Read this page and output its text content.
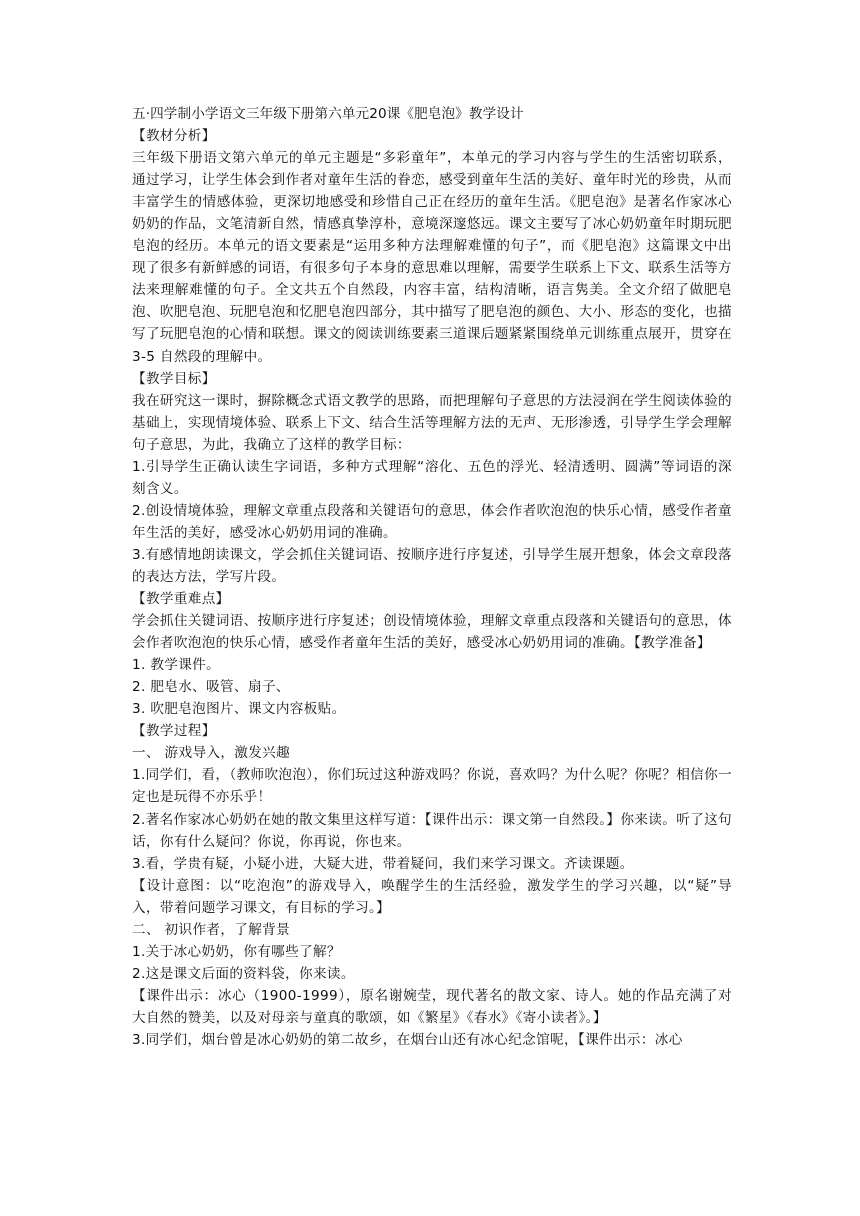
五·四学制小学语文三年级下册第六单元20课《肥皂泡》教学设计

【教材分析】

三年级下册语文第六单元的单元主题是“多彩童年”，本单元的学习内容与学生的生活密切联系，通过学习，让学生体会到作者对童年生活的眷恋，感受到童年生活的美好、童年时光的珍贵，从而丰富学生的情感体验，更深切地感受和珍惜自己正在经历的童年生活。《肥皂泡》是著名作家冰心奶奶的作品，文笔清新自然，情感真挚淳朴，意境深邃悠远。课文主要写了冰心奶奶童年时期玩肥皂泡的经历。本单元的语文要素是“运用多种方法理解难懂的句子”，而《肥皂泡》这篇课文中出现了很多有新鲜感的词语，有很多句子本身的意思难以理解，需要学生联系上下文、联系生活等方法来理解难懂的句子。全文共五个自然段，内容丰富，结构清晰，语言隽美。全文介绍了做肥皂泡、吹肥皂泡、玩肥皂泡和忆肥皂泡四部分，其中描写了肥皂泡的颜色、大小、形态的变化，也描写了玩肥皂泡的心情和联想。课文的阅读训练要素三道课后题紧紧围绕单元训练重点展开，贯穿在 3-5 自然段的理解中。

【教学目标】

我在研究这一课时，摒除概念式语文教学的思路，而把理解句子意思的方法浸润在学生阅读体验的基础上，实现情境体验、联系上下文、结合生活等理解方法的无声、无形渗透，引导学生学会理解句子意思，为此，我确立了这样的教学目标：

1.引导学生正确认读生字词语，多种方式理解“溶化、五色的浮光、轻清透明、圆满”等词语的深刻含义。

2.创设情境体验，理解文章重点段落和关键语句的意思，体会作者吹泡泡的快乐心情，感受作者童年生活的美好，感受冰心奶奶用词的准确。

3.有感情地朗读课文，学会抓住关键词语、按顺序进行序复述，引导学生展开想象，体会文章段落的表达方法，学写片段。

【教学重难点】

学会抓住关键词语、按顺序进行序复述；创设情境体验，理解文章重点段落和关键语句的意思，体会作者吹泡泡的快乐心情，感受作者童年生活的美好，感受冰心奶奶用词的准确。【教学准备】

1. 教学课件。

2. 肥皂水、吸管、扇子、

3. 吹肥皂泡图片、课文内容板贴。

【教学过程】

一、 游戏导入，激发兴趣

1.同学们，看，（教师吹泡泡），你们玩过这种游戏吗？你说，喜欢吗？为什么呢？你呢？相信你一定也是玩得不亦乐乎！

2.著名作家冰心奶奶在她的散文集里这样写道：【课件出示：课文第一自然段。】你来读。听了这句话，你有什么疑问？你说，你再说，你也来。

3.看，学贵有疑，小疑小进，大疑大进，带着疑问，我们来学习课文。齐读课题。

【设计意图：以“吃泡泡”的游戏导入，唤醒学生的生活经验，激发学生的学习兴趣，以“疑”导入，带着问题学习课文，有目标的学习。】

二、 初识作者，了解背景

1.关于冰心奶奶，你有哪些了解？

2.这是课文后面的资料袋，你来读。

【课件出示：冰心（1900-1999），原名谢婉莹，现代著名的散文家、诗人。她的作品充满了对大自然的赞美，以及对母亲与童真的歌颂，如《繁星》《春水》《寄小读者》。】

3.同学们，烟台曾是冰心奶奶的第二故乡，在烟台山还有冰心纪念馆呢，【课件出示：冰心
